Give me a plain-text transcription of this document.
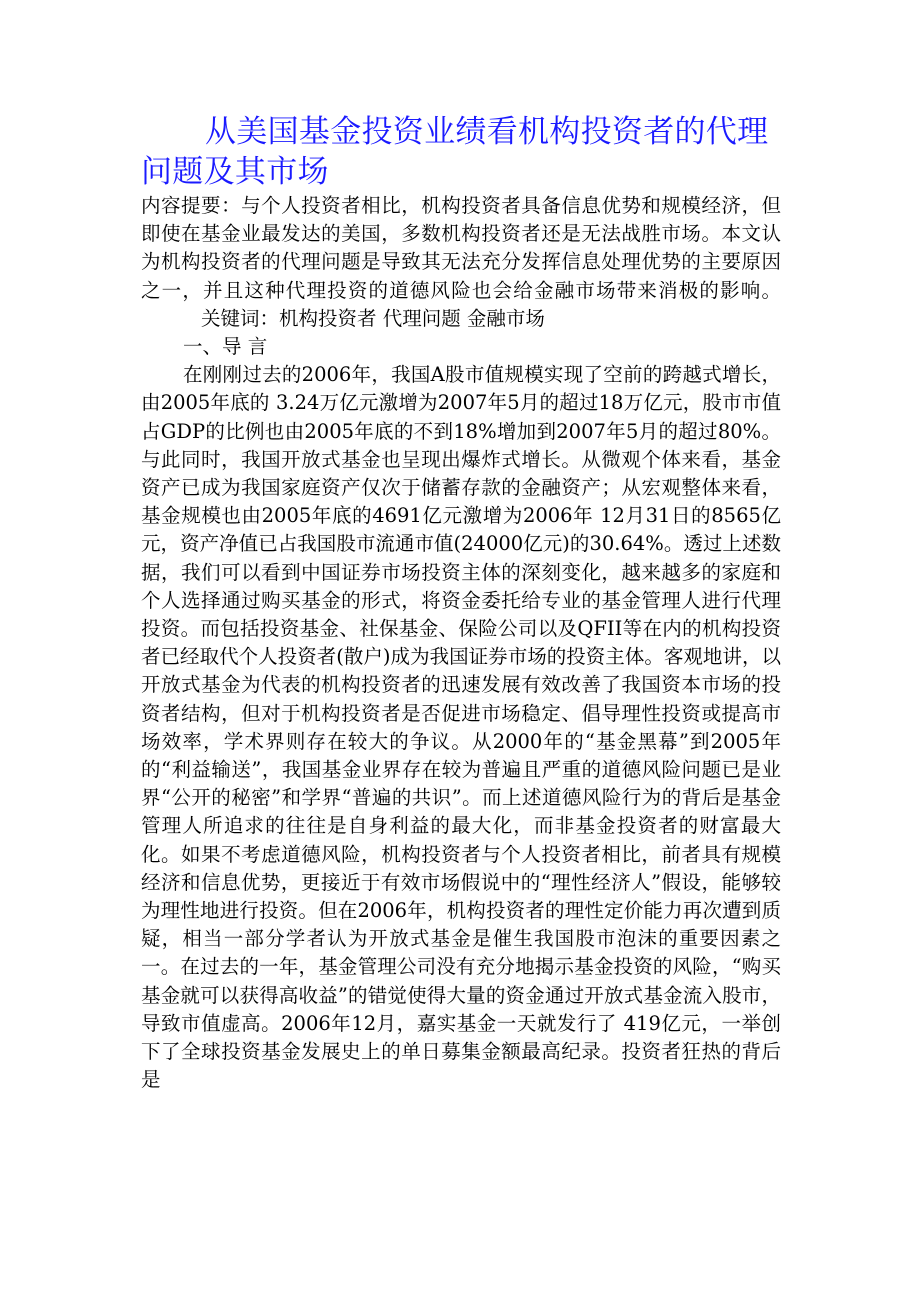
从美国基金投资业绩看机构投资者的代理问题及其市场

内容提要：与个人投资者相比，机构投资者具备信息优势和规模经济，但即使在基金业最发达的美国，多数机构投资者还是无法战胜市场。本文认为机构投资者的代理问题是导致其无法充分发挥信息处理优势的主要原因之一，并且这种代理投资的道德风险也会给金融市场带来消极的影响。关键词：机构投资者 代理问题 金融市场

一、导 言

在刚刚过去的2006年，我国A股市值规模实现了空前的跨越式增长，由2005年底的 3.24万亿元激增为2007年5月的超过18万亿元，股市市值占GDP的比例也由2005年底的不到18%增加到2007年5月的超过80%。与此同时，我国开放式基金也呈现出爆炸式增长。从微观个体来看，基金资产已成为我国家庭资产仅次于储蓄存款的金融资产；从宏观整体来看，基金规模也由2005年底的4691亿元激增为2006年 12月31日的8565亿元，资产净值已占我国股市流通市值(24000亿元)的30.64%。透过上述数据，我们可以看到中国证券市场投资主体的深刻变化，越来越多的家庭和个人选择通过购买基金的形式，将资金委托给专业的基金管理人进行代理投资。而包括投资基金、社保基金、保险公司以及QFII等在内的机构投资者已经取代个人投资者(散户)成为我国证券市场的投资主体。客观地讲，以开放式基金为代表的机构投资者的迅速发展有效改善了我国资本市场的投资者结构，但对于机构投资者是否促进市场稳定、倡导理性投资或提高市场效率，学术界则存在较大的争议。从2000年的“基金黑幕”到2005年的“利益输送”，我国基金业界存在较为普遍且严重的道德风险问题已是业界“公开的秘密”和学界“普遍的共识”。而上述道德风险行为的背后是基金管理人所追求的往往是自身利益的最大化，而非基金投资者的财富最大化。如果不考虑道德风险，机构投资者与个人投资者相比，前者具有规模经济和信息优势，更接近于有效市场假说中的“理性经济人”假设，能够较为理性地进行投资。但在2006年，机构投资者的理性定价能力再次遭到质疑，相当一部分学者认为开放式基金是催生我国股市泡沫的重要因素之一。在过去的一年，基金管理公司没有充分地揭示基金投资的风险，“购买基金就可以获得高收益”的错觉使得大量的资金通过开放式基金流入股市，导致市值虚高。2006年12月，嘉实基金一天就发行了 419亿元，一举创下了全球投资基金发展史上的单日募集金额最高纪录。投资者狂热的背后是
